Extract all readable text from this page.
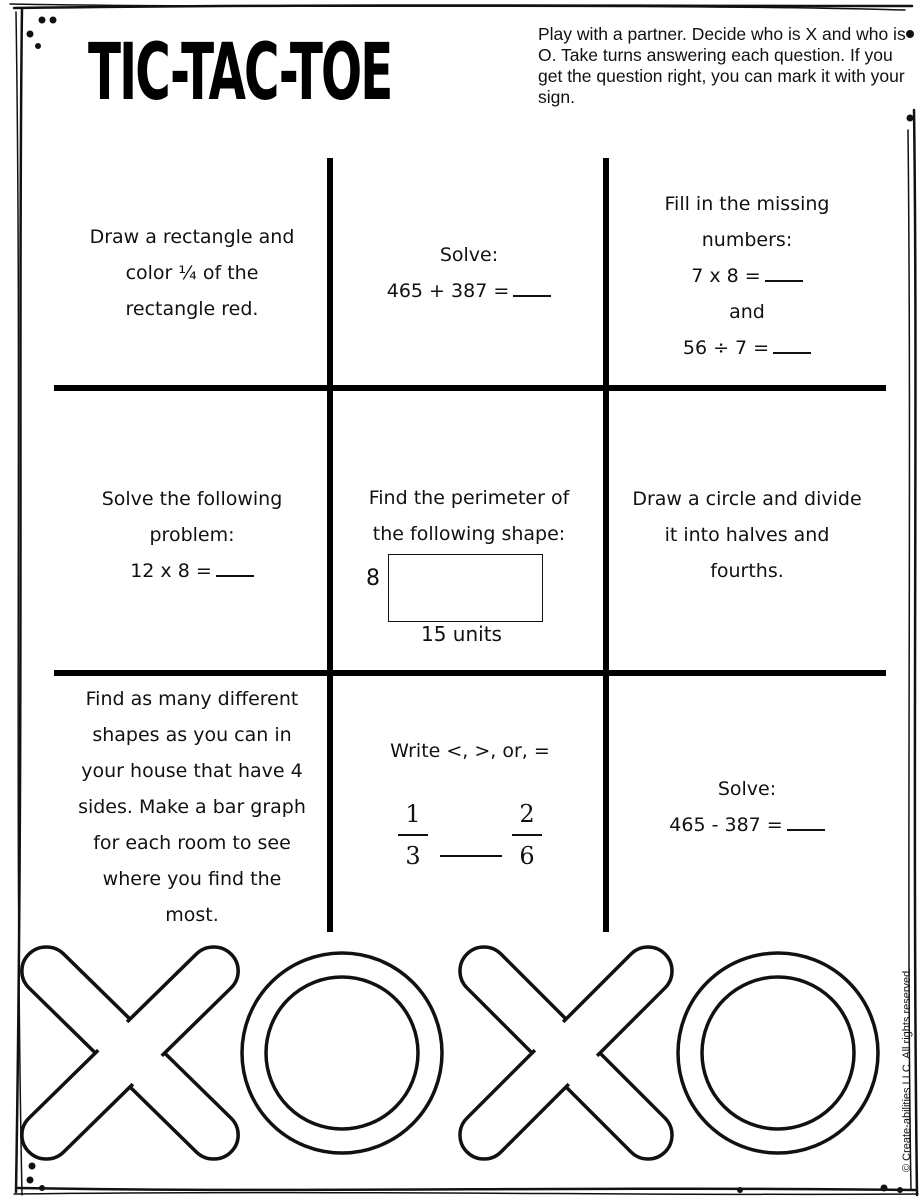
TIC-TAC-TOE	Play with a partner. Decide who is X and who is O. Take turns answering each question. If you get the question right, you can mark it with your sign.
Draw a rectangle and
color ¼ of the
rectangle red.
Solve:
465 + 387 =
Fill in the missing
numbers:
7 x 8 =
and
56 ÷ 7 =
Solve the following
problem:
12 x 8 =
Find the perimeter of
the following shape:
8
15 units
Draw a circle and divide
it into halves and
fourths.
Find as many different
shapes as you can in
your house that have 4
sides. Make a bar graph
for each room to see
where you find the
most.
Write <, >, or, =
1
3
2
6
Solve:
465 - 387 =
© Create-abilities LLC. All rights reserved.
